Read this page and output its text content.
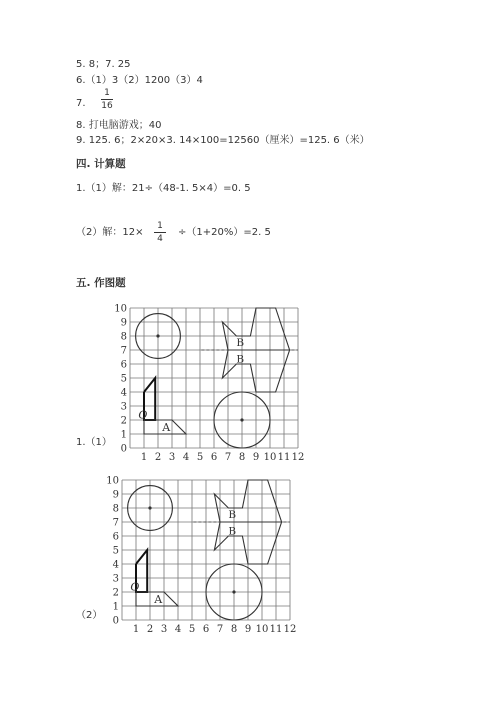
5. 8；7. 25
6.（1）3（2）1200（3）4
7.
1
16
8. 打电脑游戏；40
9. 125. 6；2×20×3. 14×100=12560（厘米）=125. 6（米）
四. 计算题
1.（1）解：21÷（48-1. 5×4）=0. 5
（2）解：12×
1
4
÷（1+20%）=2. 5
五. 作图题
1.（1）
（2）
1 2 3 4 5 6 7 8 9 10 11 12
1
2
3
4
5
6
7
8
9
10
0
A
O
B
B
1 2 3 4 5 6 7 8 9 10 11 12
1
2
3
4
5
6
7
8
9
10
0
A
O
B
B
